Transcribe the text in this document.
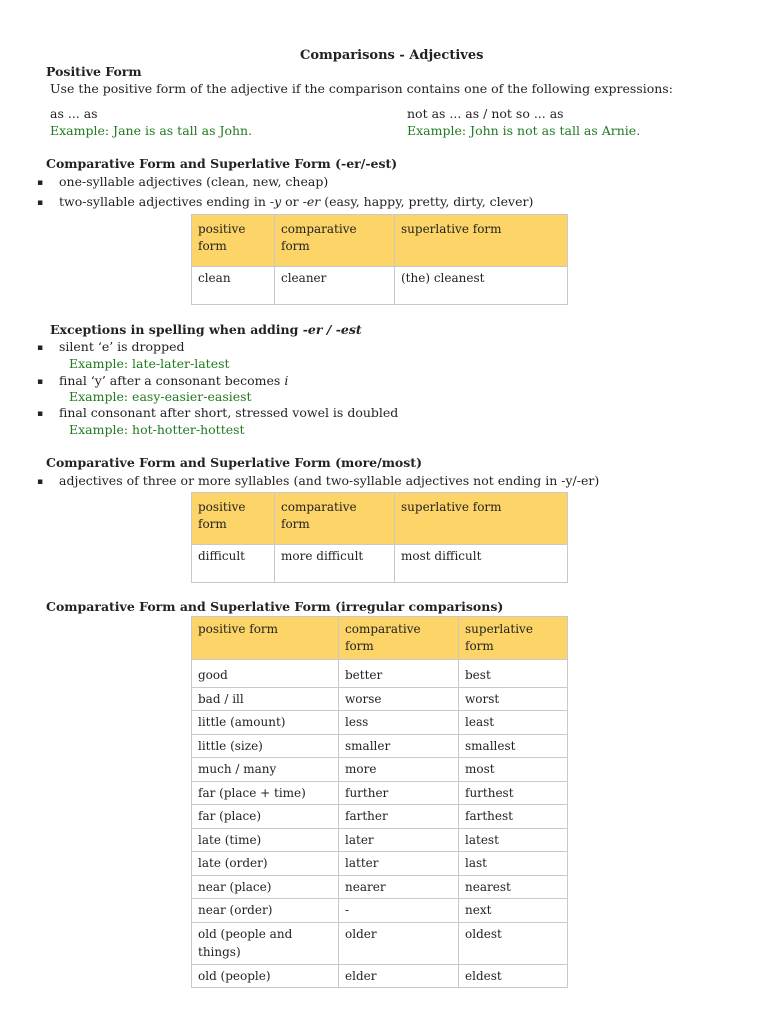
Comparisons - Adjectives
Positive Form
Use the positive form of the adjective if the comparison contains one of the following expressions:
as ... as
Example: Jane is as tall as John.
not as ... as / not so ... as
Example: John is not as tall as Arnie.
Comparative Form and Superlative Form (-er/-est)
▪ one-syllable adjectives (clean, new, cheap)
▪ two-syllable adjectives ending in -y or -er (easy, happy, pretty, dirty, clever)
positive form	comparative form	superlative form
clean	cleaner	(the) cleanest
Exceptions in spelling when adding -er / -est
▪ silent ‘e’ is dropped
Example: late-later-latest
▪ final ‘y’ after a consonant becomes i
Example: easy-easier-easiest
▪ final consonant after short, stressed vowel is doubled
Example: hot-hotter-hottest
Comparative Form and Superlative Form (more/most)
▪ adjectives of three or more syllables (and two-syllable adjectives not ending in -y/-er)
positive form	comparative form	superlative form
difficult	more difficult	most difficult
Comparative Form and Superlative Form (irregular comparisons)
positive form	comparative form	superlative form
good	better	best
bad / ill	worse	worst
little (amount)	less	least
little (size)	smaller	smallest
much / many	more	most
far (place + time)	further	furthest
far (place)	farther	farthest
late (time)	later	latest
late (order)	latter	last
near (place)	nearer	nearest
near (order)	-	next
old (people and things)	older	oldest
old (people)	elder	eldest
